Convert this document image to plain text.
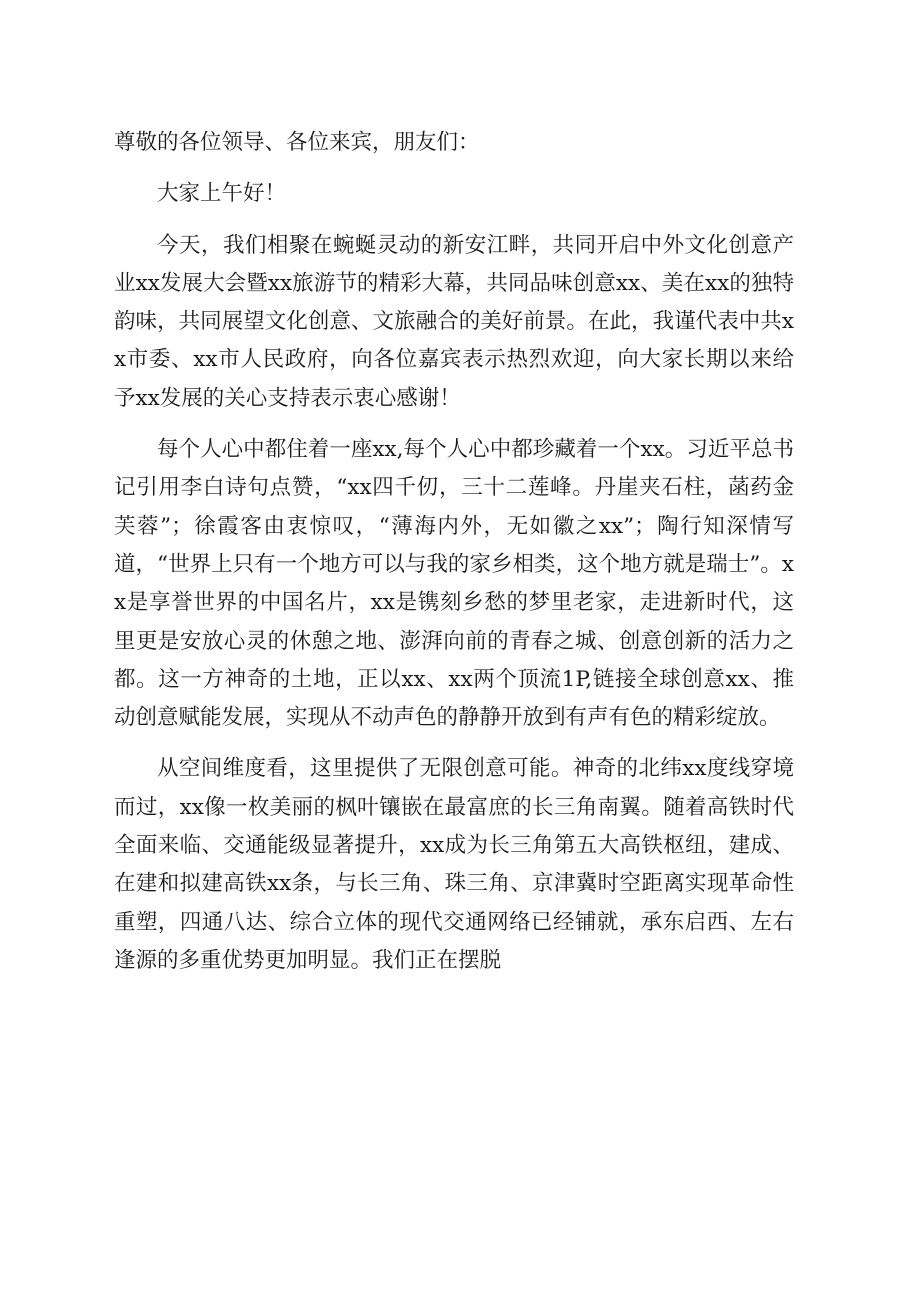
尊敬的各位领导、各位来宾，朋友们：

大家上午好！

今天，我们相聚在蜿蜒灵动的新安江畔，共同开启中外文化创意产业xx发展大会暨xx旅游节的精彩大幕，共同品味创意xx、美在xx的独特韵味，共同展望文化创意、文旅融合的美好前景。在此，我谨代表中共xx市委、xx市人民政府，向各位嘉宾表示热烈欢迎，向大家长期以来给予xx发展的关心支持表示衷心感谢！

每个人心中都住着一座xx,每个人心中都珍藏着一个xx。习近平总书记引用李白诗句点赞，“xx四千仞，三十二莲峰。丹崖夹石柱，菡药金芙蓉”；徐霞客由衷惊叹，“薄海内外，无如徽之xx”；陶行知深情写道，“世界上只有一个地方可以与我的家乡相类，这个地方就是瑞士”。xx是享誉世界的中国名片，xx是镌刻乡愁的梦里老家，走进新时代，这里更是安放心灵的休憩之地、澎湃向前的青春之城、创意创新的活力之都。这一方神奇的土地，正以xx、xx两个顶流1P,链接全球创意xx、推动创意赋能发展，实现从不动声色的静静开放到有声有色的精彩绽放。

从空间维度看，这里提供了无限创意可能。神奇的北纬xx度线穿境而过，xx像一枚美丽的枫叶镶嵌在最富庶的长三角南翼。随着高铁时代全面来临、交通能级显著提升，xx成为长三角第五大高铁枢纽，建成、在建和拟建高铁xx条，与长三角、珠三角、京津冀时空距离实现革命性重塑，四通八达、综合立体的现代交通网络已经铺就，承东启西、左右逢源的多重优势更加明显。我们正在摆脱
